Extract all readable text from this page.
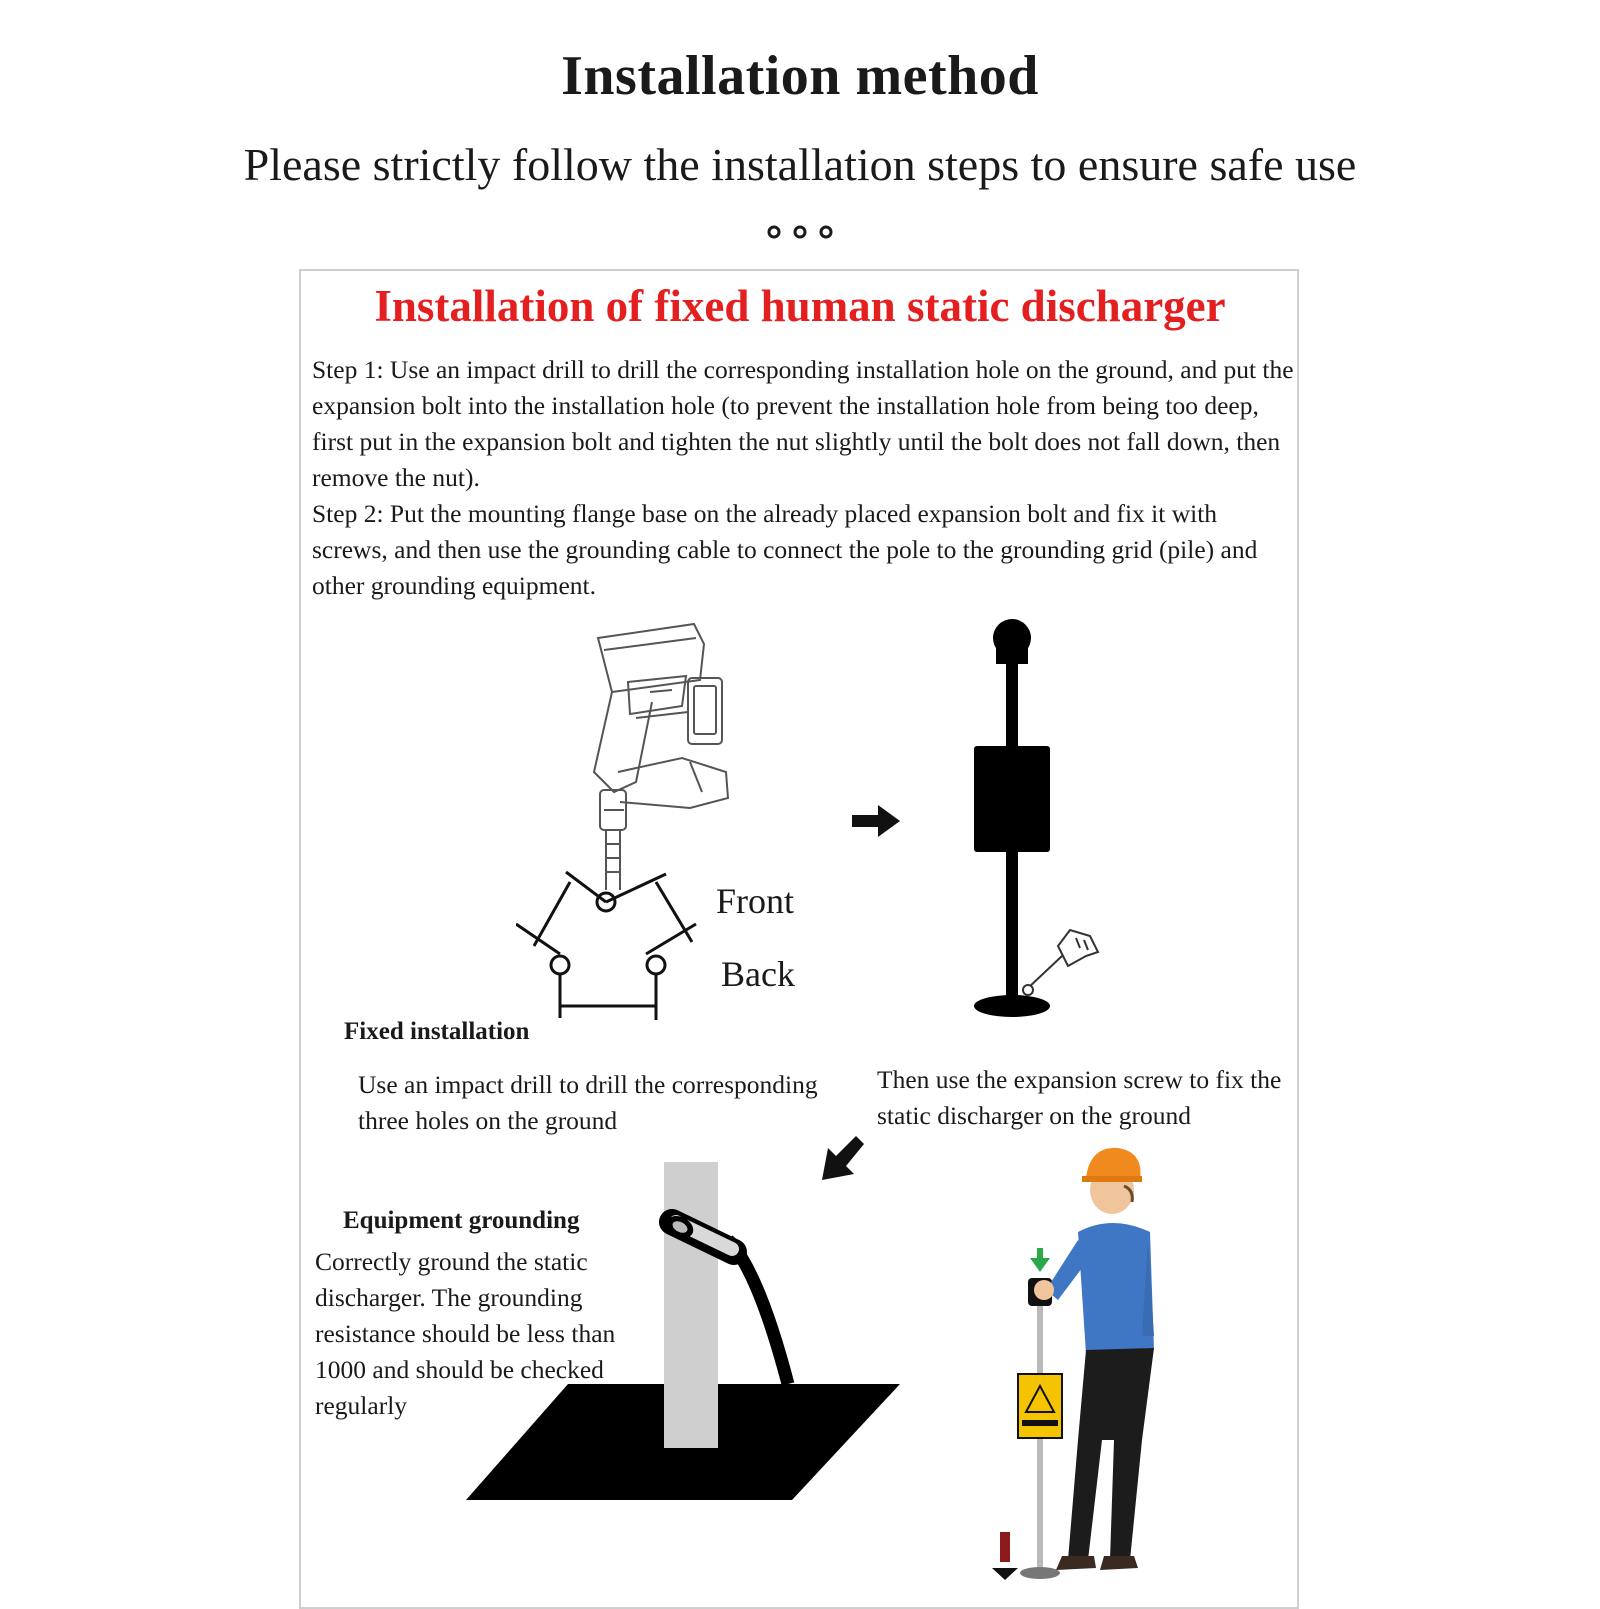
Installation method
Please strictly follow the installation steps to ensure safe use
Installation of fixed human static discharger

Step 1: Use an impact drill to drill the corresponding installation hole on the ground, and put the expansion bolt into the installation hole (to prevent the installation hole from being too deep, first put in the expansion bolt and tighten the nut slightly until the bolt does not fall down, then remove the nut).

Step 2: Put the mounting flange base on the already placed expansion bolt and fix it with screws, and then use the grounding cable to connect the pole to the grounding grid (pile) and other grounding equipment.

Front
Back
Fixed installation
Use an impact drill to drill the corresponding three holes on the ground
Then use the expansion screw to fix the static discharger on the ground
Equipment grounding
Correctly ground the static discharger. The grounding resistance should be less than 1000 and should be checked regularly
